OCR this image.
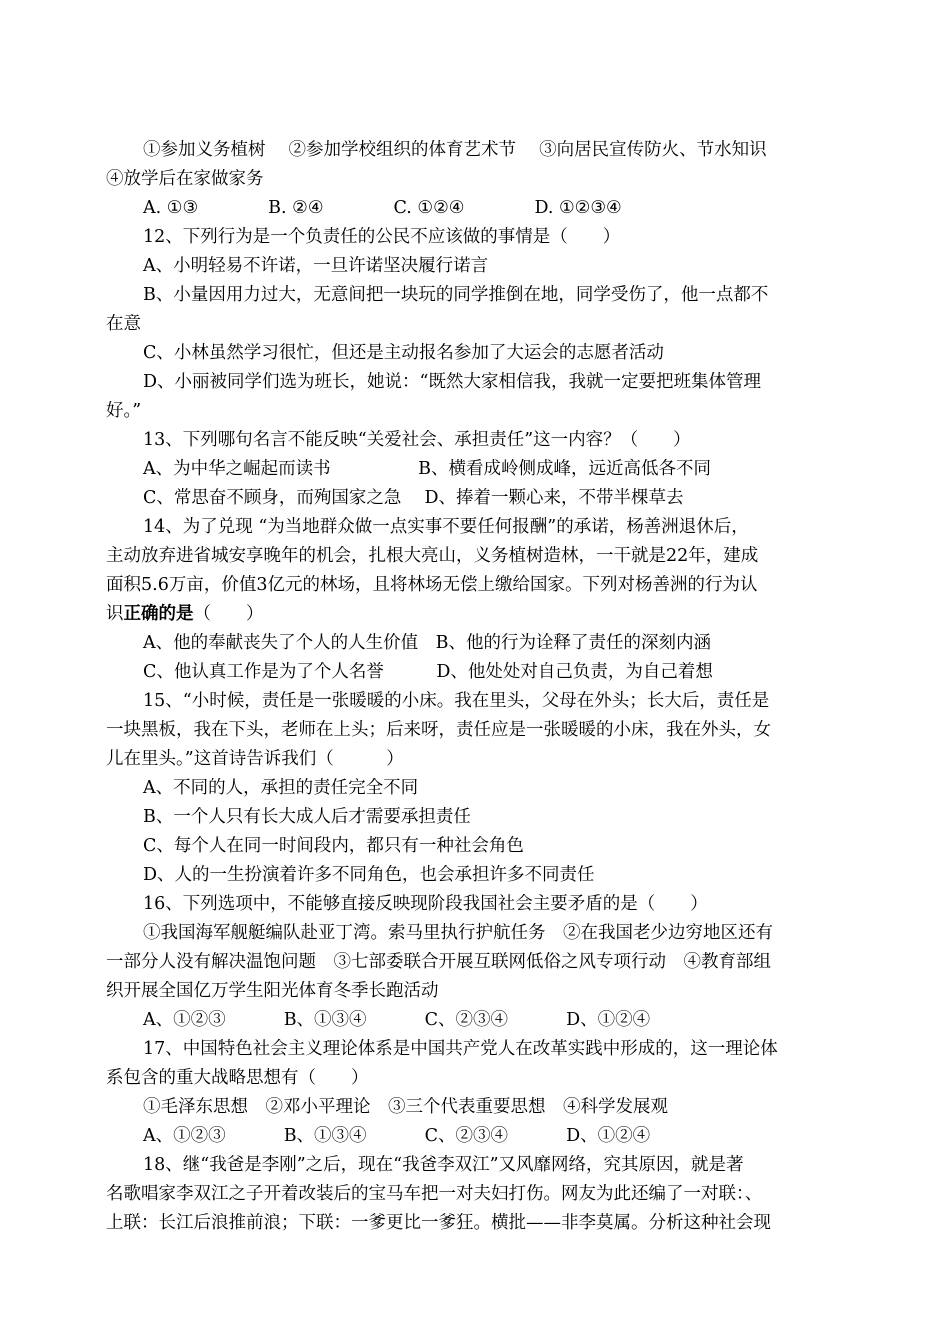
①参加义务植树　 ②参加学校组织的体育艺术节　 ③向居民宣传防火、节水知识
④放学后在家做家务
A. ①③　　　　B. ②④　　　　C. ①②④　　　　D. ①②③④
12、下列行为是一个负责任的公民不应该做的事情是（　　）
A、小明轻易不许诺，一旦许诺坚决履行诺言
B、小量因用力过大，无意间把一块玩的同学推倒在地，同学受伤了，他一点都不
在意
C、小林虽然学习很忙，但还是主动报名参加了大运会的志愿者活动
D、小丽被同学们选为班长，她说：“既然大家相信我，我就一定要把班集体管理
好。”
13、下列哪句名言不能反映“关爱社会、承担责任”这一内容？（　　）
A、为中华之崛起而读书　　　　　B、横看成岭侧成峰，远近高低各不同
C、常思奋不顾身，而殉国家之急　 D、捧着一颗心来，不带半棵草去
14、为了兑现 “为当地群众做一点实事不要任何报酬”的承诺，杨善洲退休后，
主动放弃进省城安享晚年的机会，扎根大亮山，义务植树造林，一干就是22年，建成
面积5.6万亩，价值3亿元的林场，且将林场无偿上缴给国家。下列对杨善洲的行为认
识正确的是（　　）
A、他的奉献丧失了个人的人生价值　B、他的行为诠释了责任的深刻内涵
C、他认真工作是为了个人名誉　　　D、他处处对自己负责，为自己着想
15、“小时候，责任是一张暖暖的小床。我在里头，父母在外头；长大后，责任是
一块黑板，我在下头，老师在上头；后来呀，责任应是一张暖暖的小床，我在外头，女
儿在里头。”这首诗告诉我们（　　　）
A、不同的人，承担的责任完全不同
B、一个人只有长大成人后才需要承担责任
C、每个人在同一时间段内，都只有一种社会角色
D、人的一生扮演着许多不同角色，也会承担许多不同责任
16、下列选项中，不能够直接反映现阶段我国社会主要矛盾的是（　　）
①我国海军舰艇编队赴亚丁湾。索马里执行护航任务　②在我国老少边穷地区还有
一部分人没有解决温饱问题　③七部委联合开展互联网低俗之风专项行动　④教育部组
织开展全国亿万学生阳光体育冬季长跑活动
A、①②③　　　 B、①③④　　　 C、②③④　　　 D、①②④
17、中国特色社会主义理论体系是中国共产党人在改革实践中形成的，这一理论体
系包含的重大战略思想有（　　）
①毛泽东思想　②邓小平理论　③三个代表重要思想　④科学发展观
A、①②③　　　 B、①③④　　　 C、②③④　　　 D、①②④
18、继“我爸是李刚”之后，现在“我爸李双江”又风靡网络，究其原因，就是著
名歌唱家李双江之子开着改装后的宝马车把一对夫妇打伤。网友为此还编了一对联：、
上联：长江后浪推前浪；下联：一爹更比一爹狂。横批——非李莫属。分析这种社会现
